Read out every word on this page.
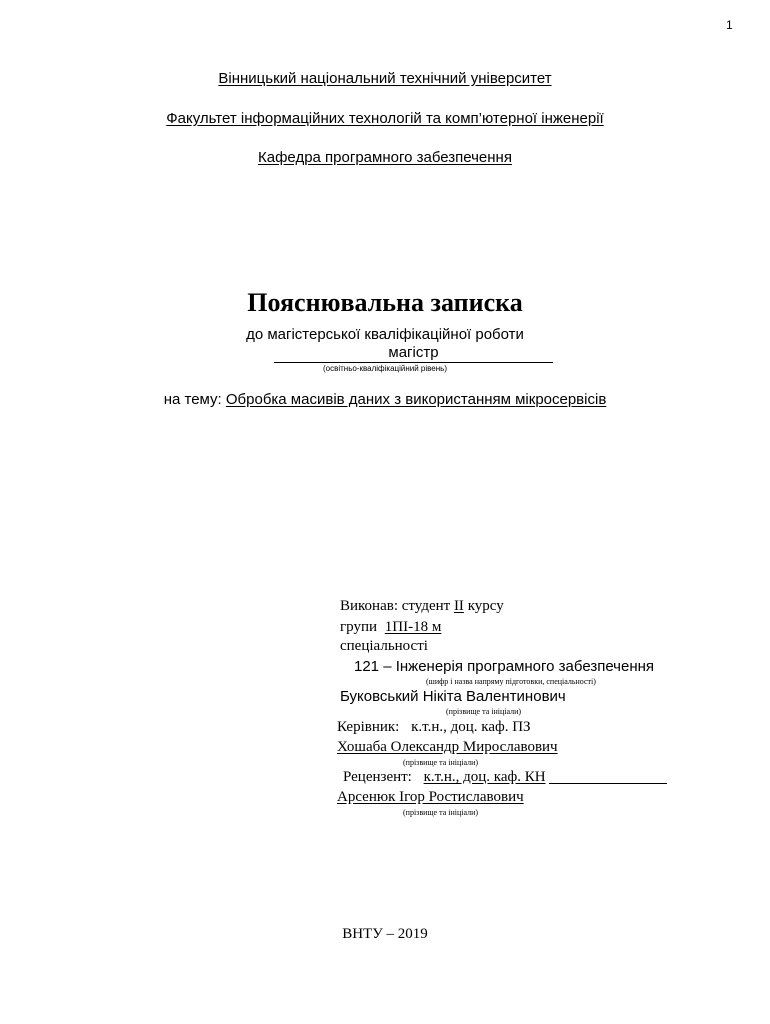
1
Вінницький національний технічний університет
Факультет інформаційних технологій та комп’ютерної інженерії
Кафедра програмного забезпечення
Пояснювальна записка
до магістерської кваліфікаційної роботи
магістр
(освітньо-кваліфікаційний рівень)
на тему: Обробка масивів даних з використанням мікросервісів
Виконав: студент II курсу
групи 1ПІ-18 м
спеціальності
121 – Інженерія програмного забезпечення
(шифр і назва напряму підготовки, спеціальності)
Буковський Нікіта Валентинович
(прізвище та ініціали)
Керівник: к.т.н., доц. каф. ПЗ
Хошаба Олександр Мирославович
(прізвище та ініціали)
Рецензент: к.т.н., доц. каф. КН
Арсенюк Ігор Ростиславович
(прізвище та ініціали)
ВНТУ – 2019
